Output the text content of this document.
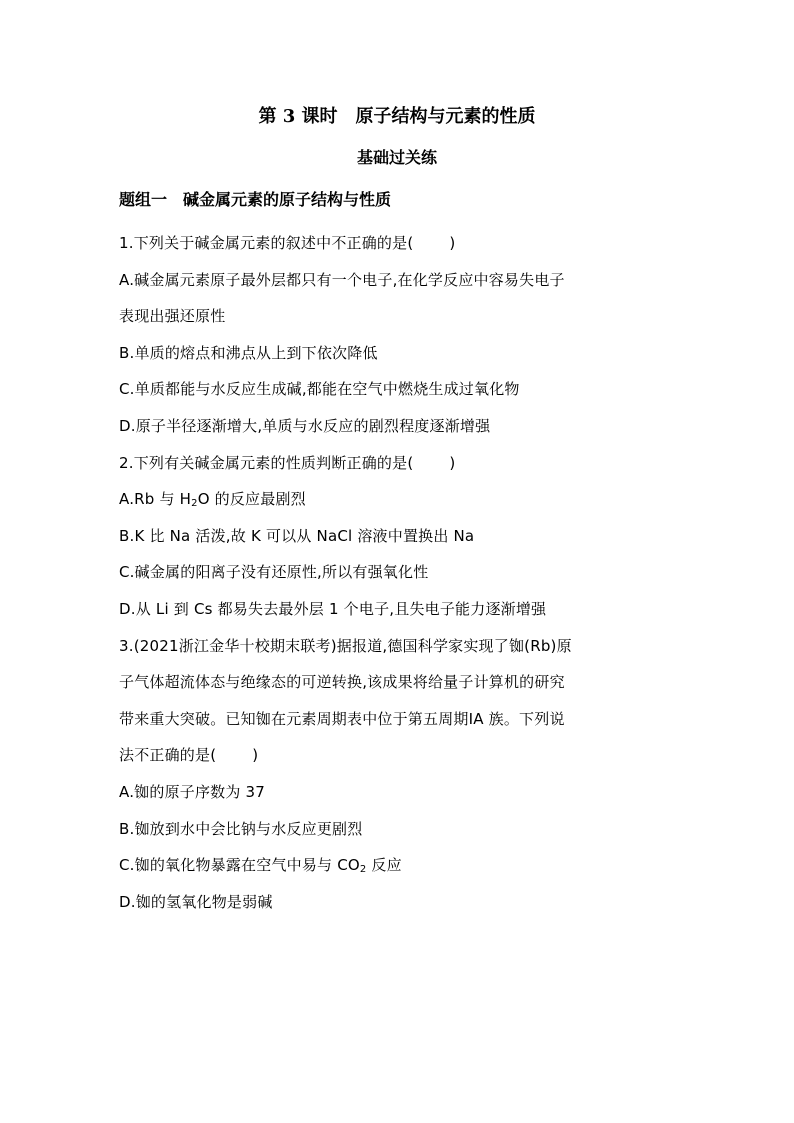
第 3 课时　原子结构与元素的性质
基础过关练
题组一　碱金属元素的原子结构与性质
1.下列关于碱金属元素的叙述中不正确的是( )
A.碱金属元素原子最外层都只有一个电子,在化学反应中容易失电子
表现出强还原性
B.单质的熔点和沸点从上到下依次降低
C.单质都能与水反应生成碱,都能在空气中燃烧生成过氧化物
D.原子半径逐渐增大,单质与水反应的剧烈程度逐渐增强
2.下列有关碱金属元素的性质判断正确的是( )
A.Rb 与 $H_2O$ 的反应最剧烈
B.K 比 Na 活泼,故 K 可以从 NaCl 溶液中置换出 Na
C.碱金属的阳离子没有还原性,所以有强氧化性
D.从 Li 到 Cs 都易失去最外层 1 个电子,且失电子能力逐渐增强
3.(2021浙江金华十校期末联考)据报道,德国科学家实现了铷(Rb)原
子气体超流体态与绝缘态的可逆转换,该成果将给量子计算机的研究
带来重大突破。已知铷在元素周期表中位于第五周期ⅠA 族。下列说
法不正确的是( )
A.铷的原子序数为 37
B.铷放到水中会比钠与水反应更剧烈
C.铷的氧化物暴露在空气中易与 $CO_2$ 反应
D.铷的氢氧化物是弱碱
